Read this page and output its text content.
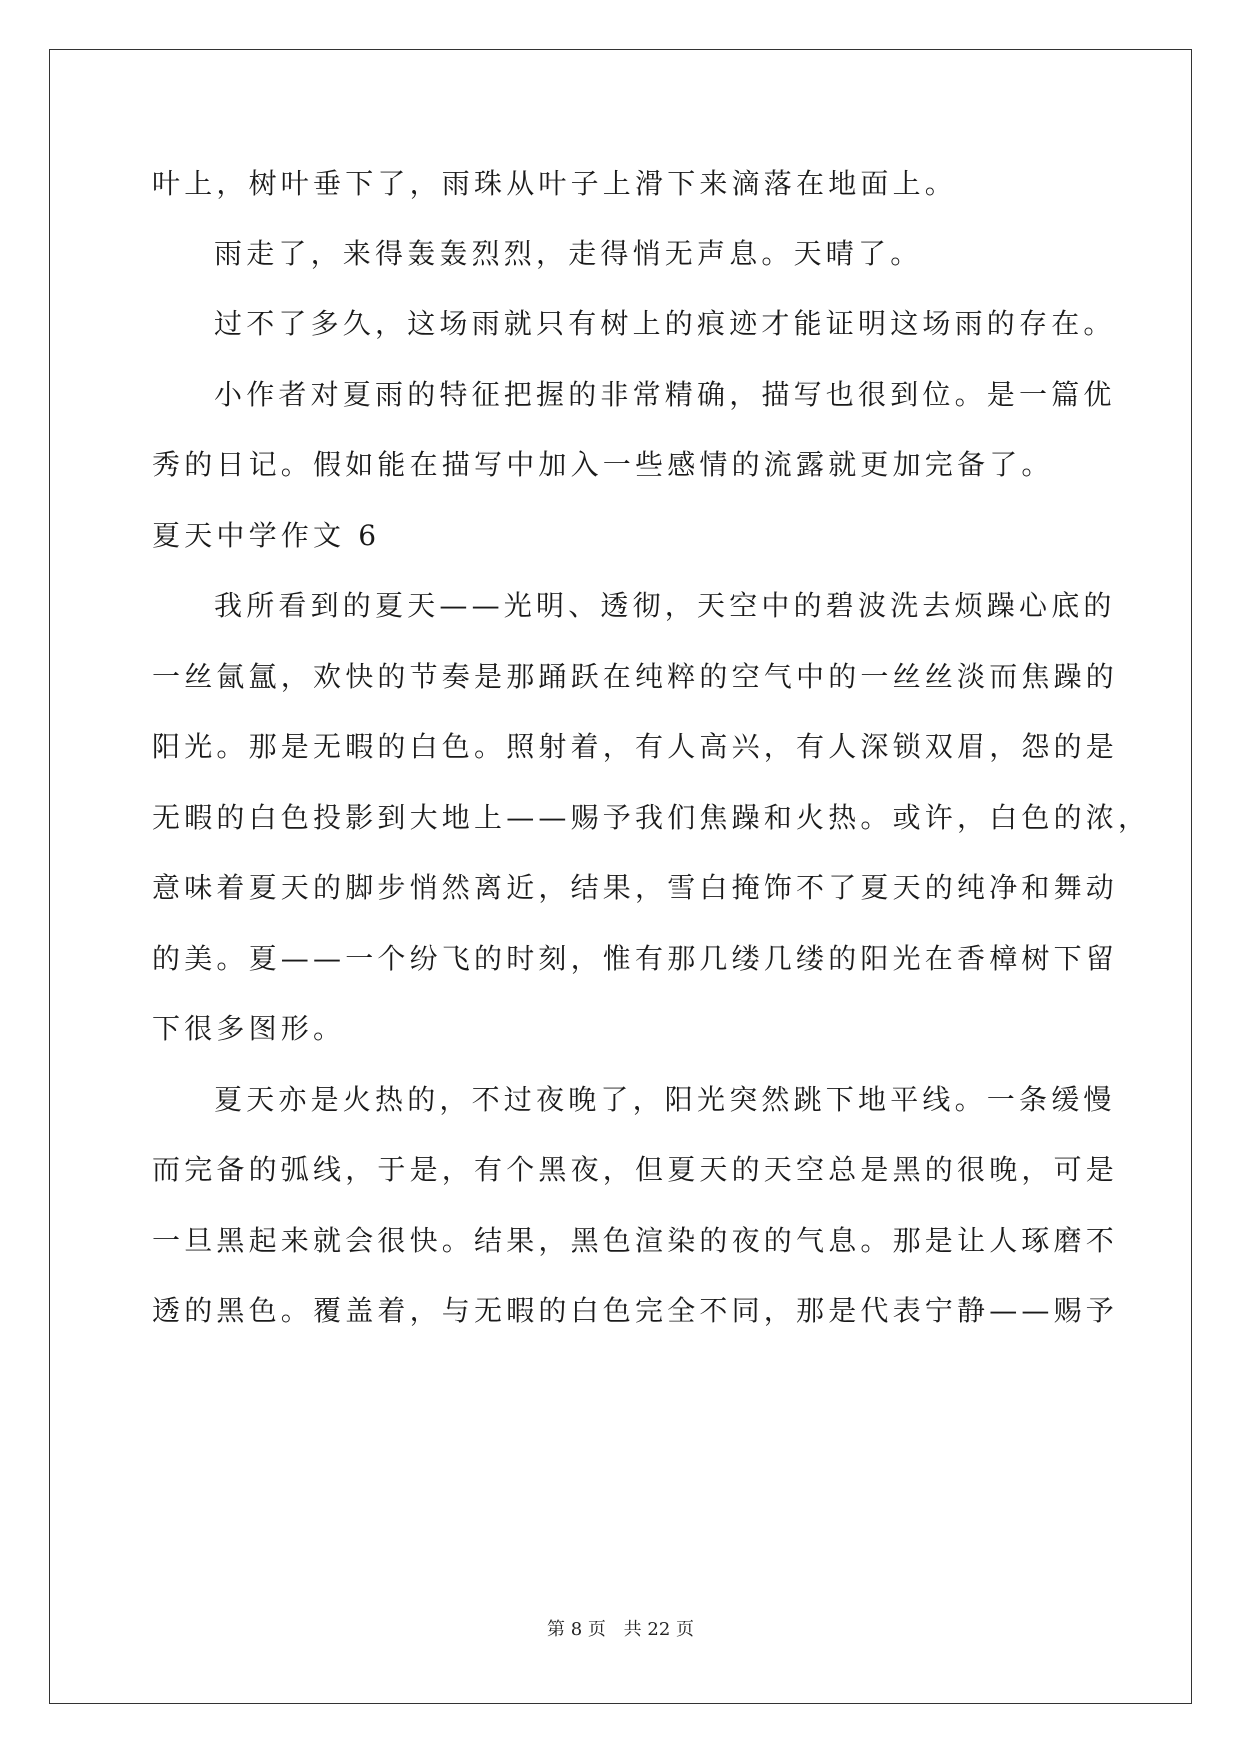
叶上，树叶垂下了，雨珠从叶子上滑下来滴落在地面上。
雨走了，来得轰轰烈烈，走得悄无声息。天晴了。
过不了多久，这场雨就只有树上的痕迹才能证明这场雨的存在。
小作者对夏雨的特征把握的非常精确，描写也很到位。是一篇优
秀的日记。假如能在描写中加入一些感情的流露就更加完备了。
夏天中学作文 6
我所看到的夏天——光明、透彻，天空中的碧波洗去烦躁心底的
一丝氤氲，欢快的节奏是那踊跃在纯粹的空气中的一丝丝淡而焦躁的
阳光。那是无暇的白色。照射着，有人高兴，有人深锁双眉，怨的是
无暇的白色投影到大地上——赐予我们焦躁和火热。或许，白色的浓，
意味着夏天的脚步悄然离近，结果，雪白掩饰不了夏天的纯净和舞动
的美。夏——一个纷飞的时刻，惟有那几缕几缕的阳光在香樟树下留
下很多图形。
夏天亦是火热的，不过夜晚了，阳光突然跳下地平线。一条缓慢
而完备的弧线，于是，有个黑夜，但夏天的天空总是黑的很晚，可是
一旦黑起来就会很快。结果，黑色渲染的夜的气息。那是让人琢磨不
透的黑色。覆盖着，与无暇的白色完全不同，那是代表宁静——赐予
第 8 页 共 22 页
